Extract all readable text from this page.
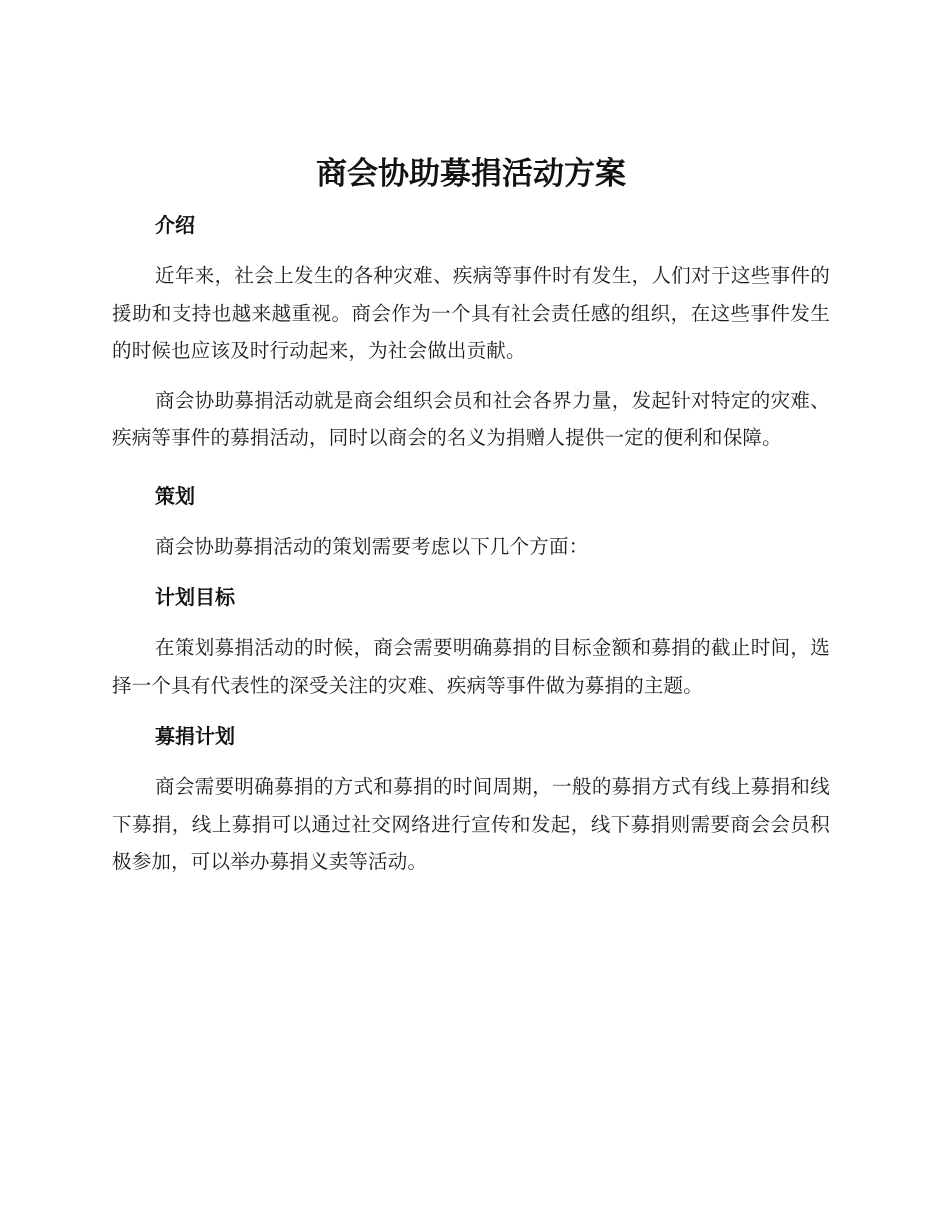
商会协助募捐活动方案
介绍

近年来，社会上发生的各种灾难、疾病等事件时有发生，人们对于这些事件的援助和支持也越来越重视。商会作为一个具有社会责任感的组织，在这些事件发生的时候也应该及时行动起来，为社会做出贡献。

商会协助募捐活动就是商会组织会员和社会各界力量，发起针对特定的灾难、疾病等事件的募捐活动，同时以商会的名义为捐赠人提供一定的便利和保障。

策划

商会协助募捐活动的策划需要考虑以下几个方面：

计划目标

在策划募捐活动的时候，商会需要明确募捐的目标金额和募捐的截止时间，选择一个具有代表性的深受关注的灾难、疾病等事件做为募捐的主题。

募捐计划

商会需要明确募捐的方式和募捐的时间周期，一般的募捐方式有线上募捐和线下募捐，线上募捐可以通过社交网络进行宣传和发起，线下募捐则需要商会会员积极参加，可以举办募捐义卖等活动。
